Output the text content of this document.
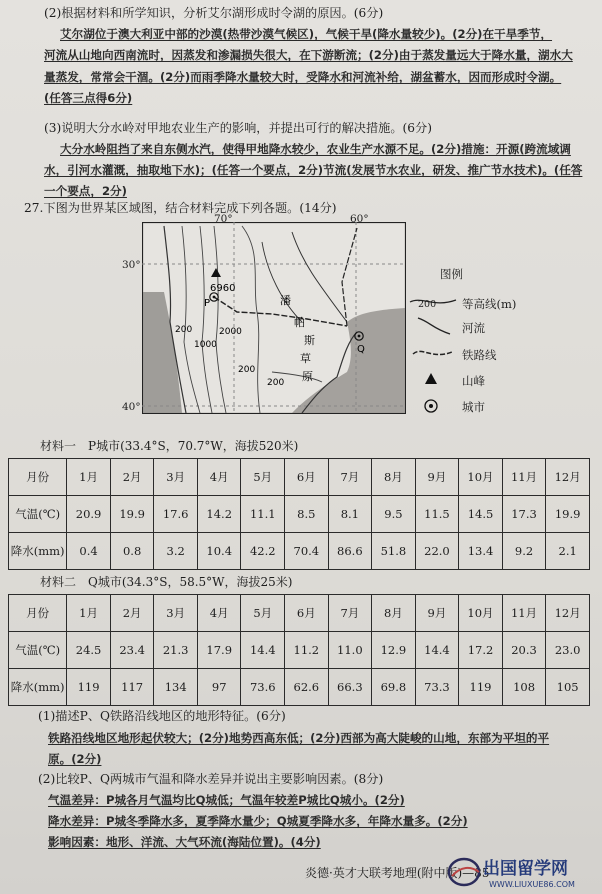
(2)根据材料和所学知识，分析艾尔湖形成时令湖的原因。(6分)
艾尔湖位于澳大利亚中部的沙漠(热带沙漠气候区)，气候干旱(降水量较少)。(2分)在干旱季节，
河流从山地向西南流时，因蒸发和渗漏损失很大，在下游断流；(2分)由于蒸发量远大于降水量，湖水大
量蒸发，常常会干涸。(2分)而雨季降水量较大时，受降水和河流补给，湖盆蓄水，因而形成时令湖。
(任答三点得6分)
(3)说明大分水岭对甲地农业生产的影响，并提出可行的解决措施。(6分)
大分水岭阻挡了来自东侧水汽，使得甲地降水较少，农业生产水源不足。(2分)措施：开源(跨流域调
水，引河水灌溉，抽取地下水)；(任答一个要点，2分)节流(发展节水农业，研发、推广节水技术)。(任答
一个要点，2分)
27.下图为世界某区域图，结合材料完成下列各题。(14分)
6960
P
Q
200
200
1000
2000
200
潘
帕
斯
草
原
70°	60°
30°
40°
图例
200 等高线(m)
河流
铁路线
山峰
城市
材料一　P城市(33.4°S，70.7°W，海拔520米)
月份	1月	2月	3月	4月	5月	6月	7月	8月	9月	10月	11月	12月
气温(℃)	20.9	19.9	17.6	14.2	11.1	8.5	8.1	9.5	11.5	14.5	17.3	19.9
降水(mm)	0.4	0.8	3.2	10.4	42.2	70.4	86.6	51.8	22.0	13.4	9.2	2.1
材料二　Q城市(34.3°S，58.5°W，海拔25米)
月份	1月	2月	3月	4月	5月	6月	7月	8月	9月	10月	11月	12月
气温(℃)	24.5	23.4	21.3	17.9	14.4	11.2	11.0	12.9	14.4	17.2	20.3	23.0
降水(mm)	119	117	134	97	73.6	62.6	66.3	69.8	73.3	119	108	105
(1)描述P、Q铁路沿线地区的地形特征。(6分)
铁路沿线地区地形起伏较大；(2分)地势西高东低；(2分)西部为高大陡峻的山地，东部为平坦的平
原。(2分)
(2)比较P、Q两城市气温和降水差异并说出主要影响因素。(8分)
气温差异：P城各月气温均比Q城低；气温年较差P城比Q城小。(2分)
降水差异：P城冬季降水多，夏季降水量少；Q城夏季降水多，年降水量多。(2分)
影响因素：地形、洋流、大气环流(海陆位置)。(4分)
炎德·英才大联考地理(附中版)—85
出国留学网
WWW.LIUXUE86.COM
